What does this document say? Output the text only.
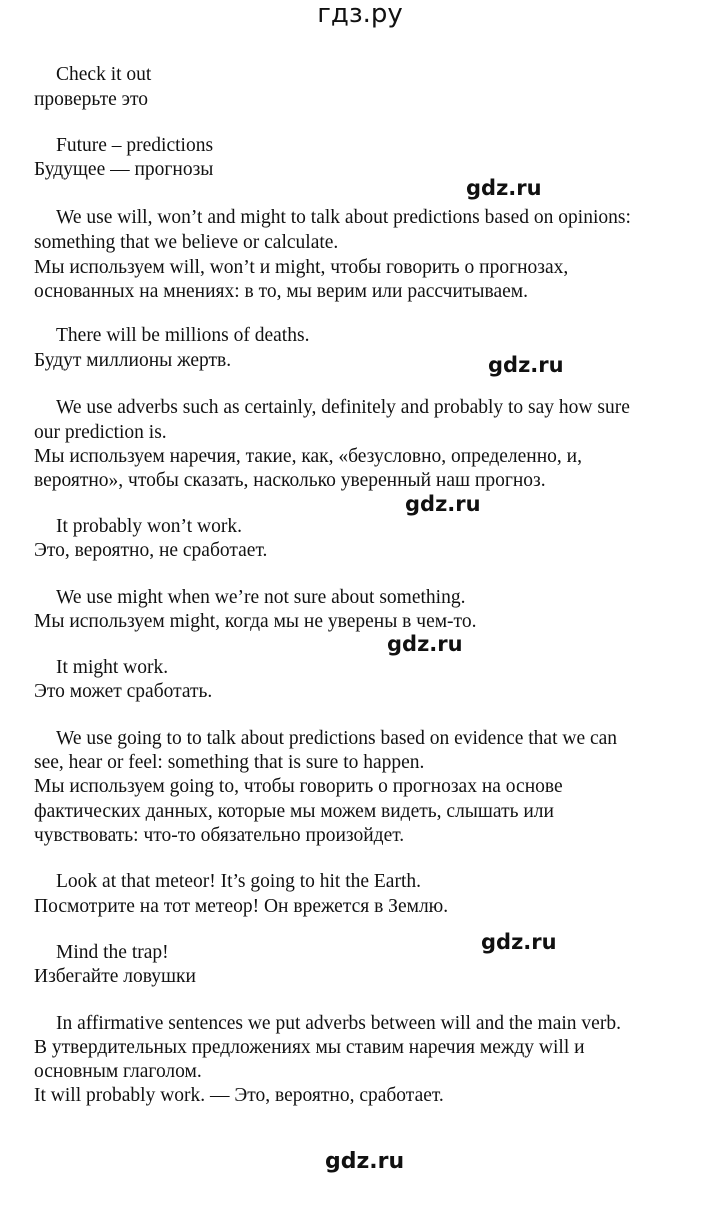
гдз.ру
Check it out
проверьте это
Future – predictions
Будущее — прогнозы
gdz.ru
We use will, won’t and might to talk about predictions based on opinions:
something that we believe or calculate.
Мы используем will, won’t и might, чтобы говорить о прогнозах,
основанных на мнениях: в то, мы верим или рассчитываем.
There will be millions of deaths.
Будут миллионы жертв.	gdz.ru
We use adverbs such as certainly, definitely and probably to say how sure
our prediction is.
Мы используем наречия, такие, как, «безусловно, определенно, и,
вероятно», чтобы сказать, насколько уверенный наш прогноз.
gdz.ru
It probably won’t work.
Это, вероятно, не сработает.
We use might when we’re not sure about something.
Мы используем might, когда мы не уверены в чем-то.
gdz.ru
It might work.
Это может сработать.
We use going to to talk about predictions based on evidence that we can
see, hear or feel: something that is sure to happen.
Мы используем going to, чтобы говорить о прогнозах на основе
фактических данных, которые мы можем видеть, слышать или
чувствовать: что-то обязательно произойдет.
Look at that meteor! It’s going to hit the Earth.
Посмотрите на тот метеор! Он врежется в Землю.
gdz.ru
Mind the trap!
Избегайте ловушки
In affirmative sentences we put adverbs between will and the main verb.
В утвердительных предложениях мы ставим наречия между will и
основным глаголом.
It will probably work. — Это, вероятно, сработает.
gdz.ru
